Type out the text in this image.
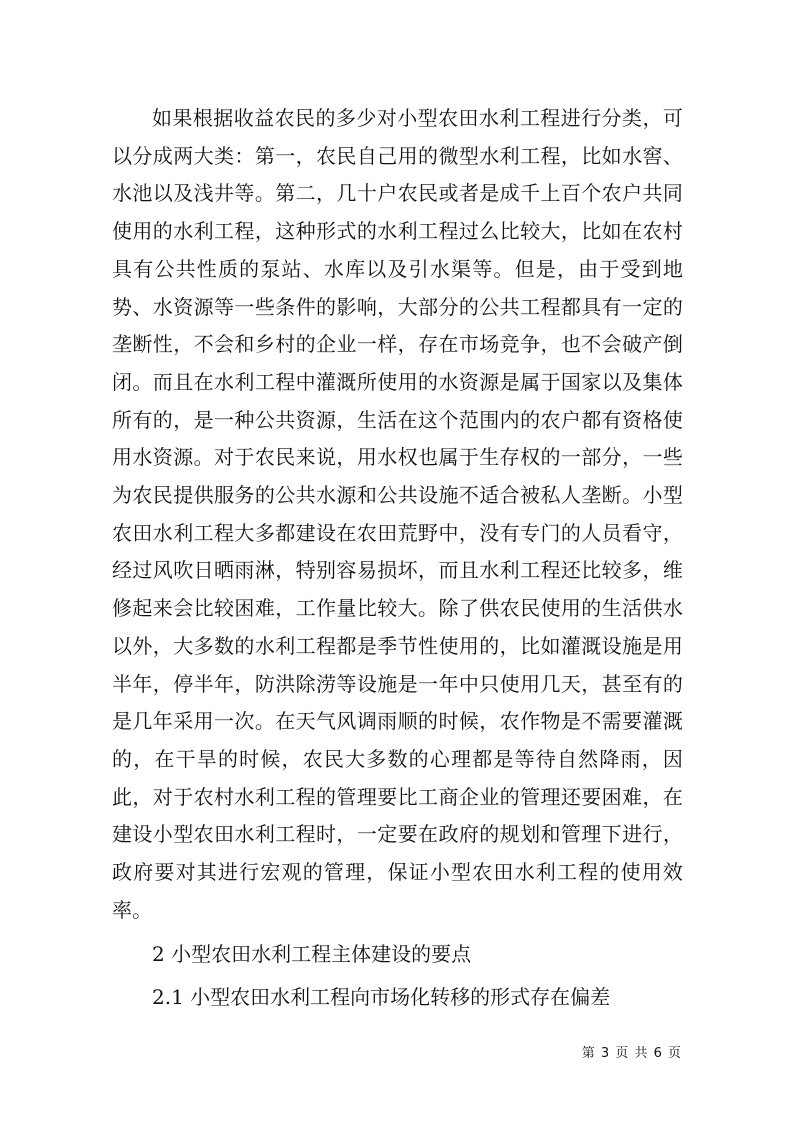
如果根据收益农民的多少对小型农田水利工程进行分类，可以分成两大类：第一，农民自己用的微型水利工程，比如水窖、水池以及浅井等。第二，几十户农民或者是成千上百个农户共同使用的水利工程，这种形式的水利工程过么比较大，比如在农村具有公共性质的泵站、水库以及引水渠等。但是，由于受到地势、水资源等一些条件的影响，大部分的公共工程都具有一定的垄断性，不会和乡村的企业一样，存在市场竞争，也不会破产倒闭。而且在水利工程中灌溉所使用的水资源是属于国家以及集体所有的，是一种公共资源，生活在这个范围内的农户都有资格使用水资源。对于农民来说，用水权也属于生存权的一部分，一些为农民提供服务的公共水源和公共设施不适合被私人垄断。小型农田水利工程大多都建设在农田荒野中，没有专门的人员看守，经过风吹日晒雨淋，特别容易损坏，而且水利工程还比较多，维修起来会比较困难，工作量比较大。除了供农民使用的生活供水以外，大多数的水利工程都是季节性使用的，比如灌溉设施是用半年，停半年，防洪除涝等设施是一年中只使用几天，甚至有的是几年采用一次。在天气风调雨顺的时候，农作物是不需要灌溉的，在干旱的时候，农民大多数的心理都是等待自然降雨，因此，对于农村水利工程的管理要比工商企业的管理还要困难，在建设小型农田水利工程时，一定要在政府的规划和管理下进行，政府要对其进行宏观的管理，保证小型农田水利工程的使用效率。

2 小型农田水利工程主体建设的要点

2.1 小型农田水利工程向市场化转移的形式存在偏差

第 3 页 共 6 页
